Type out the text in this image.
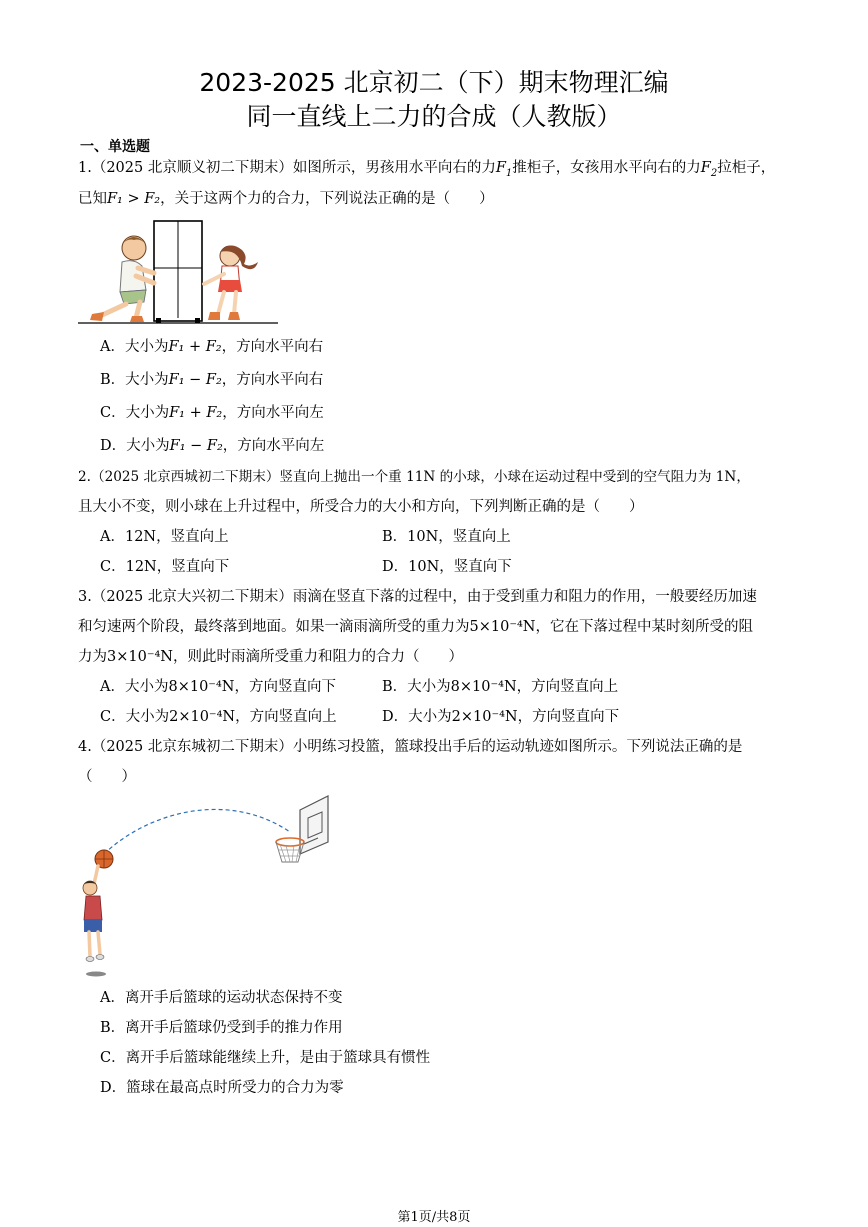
2023-2025 北京初二（下）期末物理汇编
同一直线上二力的合成（人教版）
一、单选题
1.（2025 北京顺义初二下期末）如图所示，男孩用水平向右的力$F_1$推柜子，女孩用水平向右的力$F_2$拉柜子，
已知F₁ > F₂，关于这两个力的合力，下列说法正确的是（　　）
A．大小为F₁ + F₂，方向水平向右
B．大小为F₁ − F₂，方向水平向右
C．大小为F₁ + F₂，方向水平向左
D．大小为F₁ − F₂，方向水平向左
2.（2025 北京西城初二下期末）竖直向上抛出一个重 11N 的小球，小球在运动过程中受到的空气阻力为 1N，
且大小不变，则小球在上升过程中，所受合力的大小和方向，下列判断正确的是（　　）
A．12N，竖直向上	B．10N，竖直向上
C．12N，竖直向下	D．10N，竖直向下
3.（2025 北京大兴初二下期末）雨滴在竖直下落的过程中，由于受到重力和阻力的作用，一般要经历加速
和匀速两个阶段，最终落到地面。如果一滴雨滴所受的重力为5×10⁻⁴N，它在下落过程中某时刻所受的阻
力为3×10⁻⁴N，则此时雨滴所受重力和阻力的合力（　　）
A．大小为8×10⁻⁴N，方向竖直向下	B．大小为8×10⁻⁴N，方向竖直向上
C．大小为2×10⁻⁴N，方向竖直向上	D．大小为2×10⁻⁴N，方向竖直向下
4.（2025 北京东城初二下期末）小明练习投篮，篮球投出手后的运动轨迹如图所示。下列说法正确的是
（　　）
A．离开手后篮球的运动状态保持不变
B．离开手后篮球仍受到手的推力作用
C．离开手后篮球能继续上升，是由于篮球具有惯性
D．篮球在最高点时所受力的合力为零
第1页/共8页
